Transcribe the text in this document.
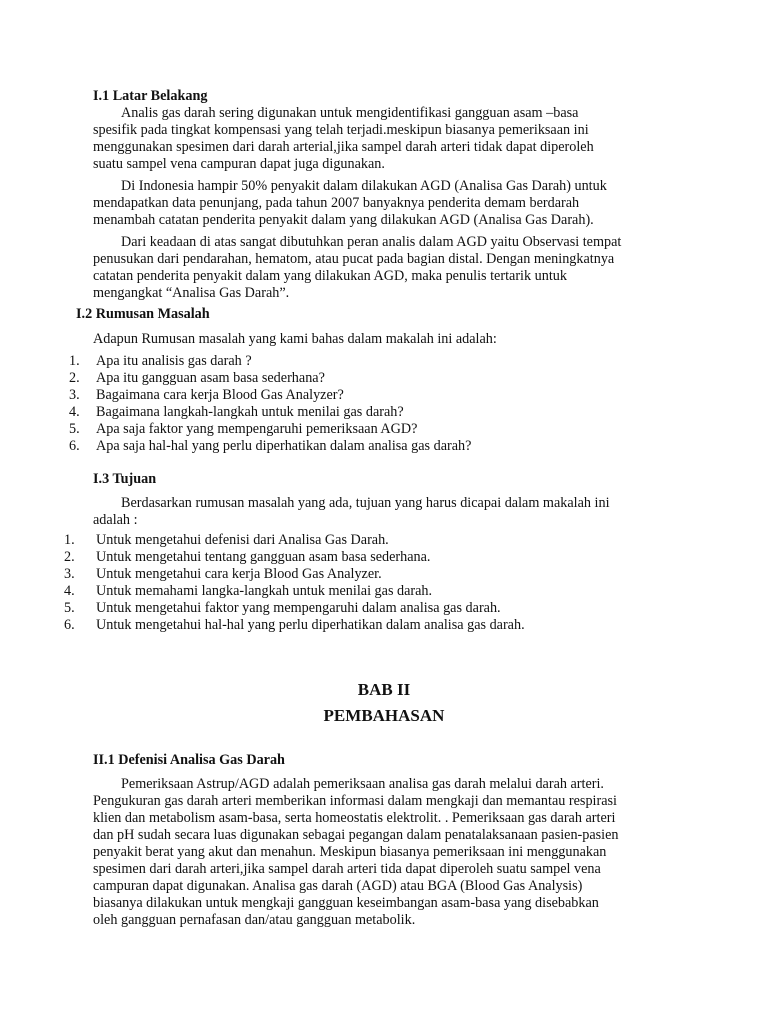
I.1 Latar Belakang
Analis gas darah sering digunakan untuk mengidentifikasi gangguan asam –basa
spesifik pada tingkat kompensasi yang telah terjadi.meskipun biasanya pemeriksaan ini
menggunakan spesimen dari darah arterial,jika sampel darah arteri tidak dapat diperoleh
suatu sampel vena campuran dapat juga digunakan.
Di Indonesia hampir 50% penyakit dalam dilakukan AGD (Analisa Gas Darah) untuk
mendapatkan data penunjang, pada tahun 2007 banyaknya penderita demam berdarah
menambah catatan penderita penyakit dalam yang dilakukan AGD (Analisa Gas Darah).
Dari keadaan di atas sangat dibutuhkan peran analis dalam AGD yaitu Observasi tempat
penusukan dari pendarahan, hematom, atau pucat pada bagian distal. Dengan meningkatnya
catatan penderita penyakit dalam yang dilakukan AGD, maka penulis tertarik untuk
mengangkat “Analisa Gas Darah”.
I.2 Rumusan Masalah
Adapun Rumusan masalah yang kami bahas dalam makalah ini adalah:
1. Apa itu analisis gas darah ?
2. Apa itu gangguan asam basa sederhana?
3. Bagaimana cara kerja Blood Gas Analyzer?
4. Bagaimana langkah-langkah untuk menilai gas darah?
5. Apa saja faktor yang mempengaruhi pemeriksaan AGD?
6. Apa saja hal-hal yang perlu diperhatikan dalam analisa gas darah?
I.3 Tujuan
Berdasarkan rumusan masalah yang ada, tujuan yang harus dicapai dalam makalah ini
adalah :
1. Untuk mengetahui defenisi dari Analisa Gas Darah.
2. Untuk mengetahui tentang gangguan asam basa sederhana.
3. Untuk mengetahui cara kerja Blood Gas Analyzer.
4. Untuk memahami langka-langkah untuk menilai gas darah.
5. Untuk mengetahui faktor yang mempengaruhi dalam analisa gas darah.
6. Untuk mengetahui hal-hal yang perlu diperhatikan dalam analisa gas darah.
BAB II
PEMBAHASAN
II.1 Defenisi Analisa Gas Darah
Pemeriksaan Astrup/AGD adalah pemeriksaan analisa gas darah melalui darah arteri.
Pengukuran gas darah arteri memberikan informasi dalam mengkaji dan memantau respirasi
klien dan metabolism asam-basa, serta homeostatis elektrolit. . Pemeriksaan gas darah arteri
dan pH sudah secara luas digunakan sebagai pegangan dalam penatalaksanaan pasien-pasien
penyakit berat yang akut dan menahun. Meskipun biasanya pemeriksaan ini menggunakan
spesimen dari darah arteri,jika sampel darah arteri tida dapat diperoleh suatu sampel vena
campuran dapat digunakan. Analisa gas darah (AGD) atau BGA (Blood Gas Analysis)
biasanya dilakukan untuk mengkaji gangguan keseimbangan asam-basa yang disebabkan
oleh gangguan pernafasan dan/atau gangguan metabolik.
